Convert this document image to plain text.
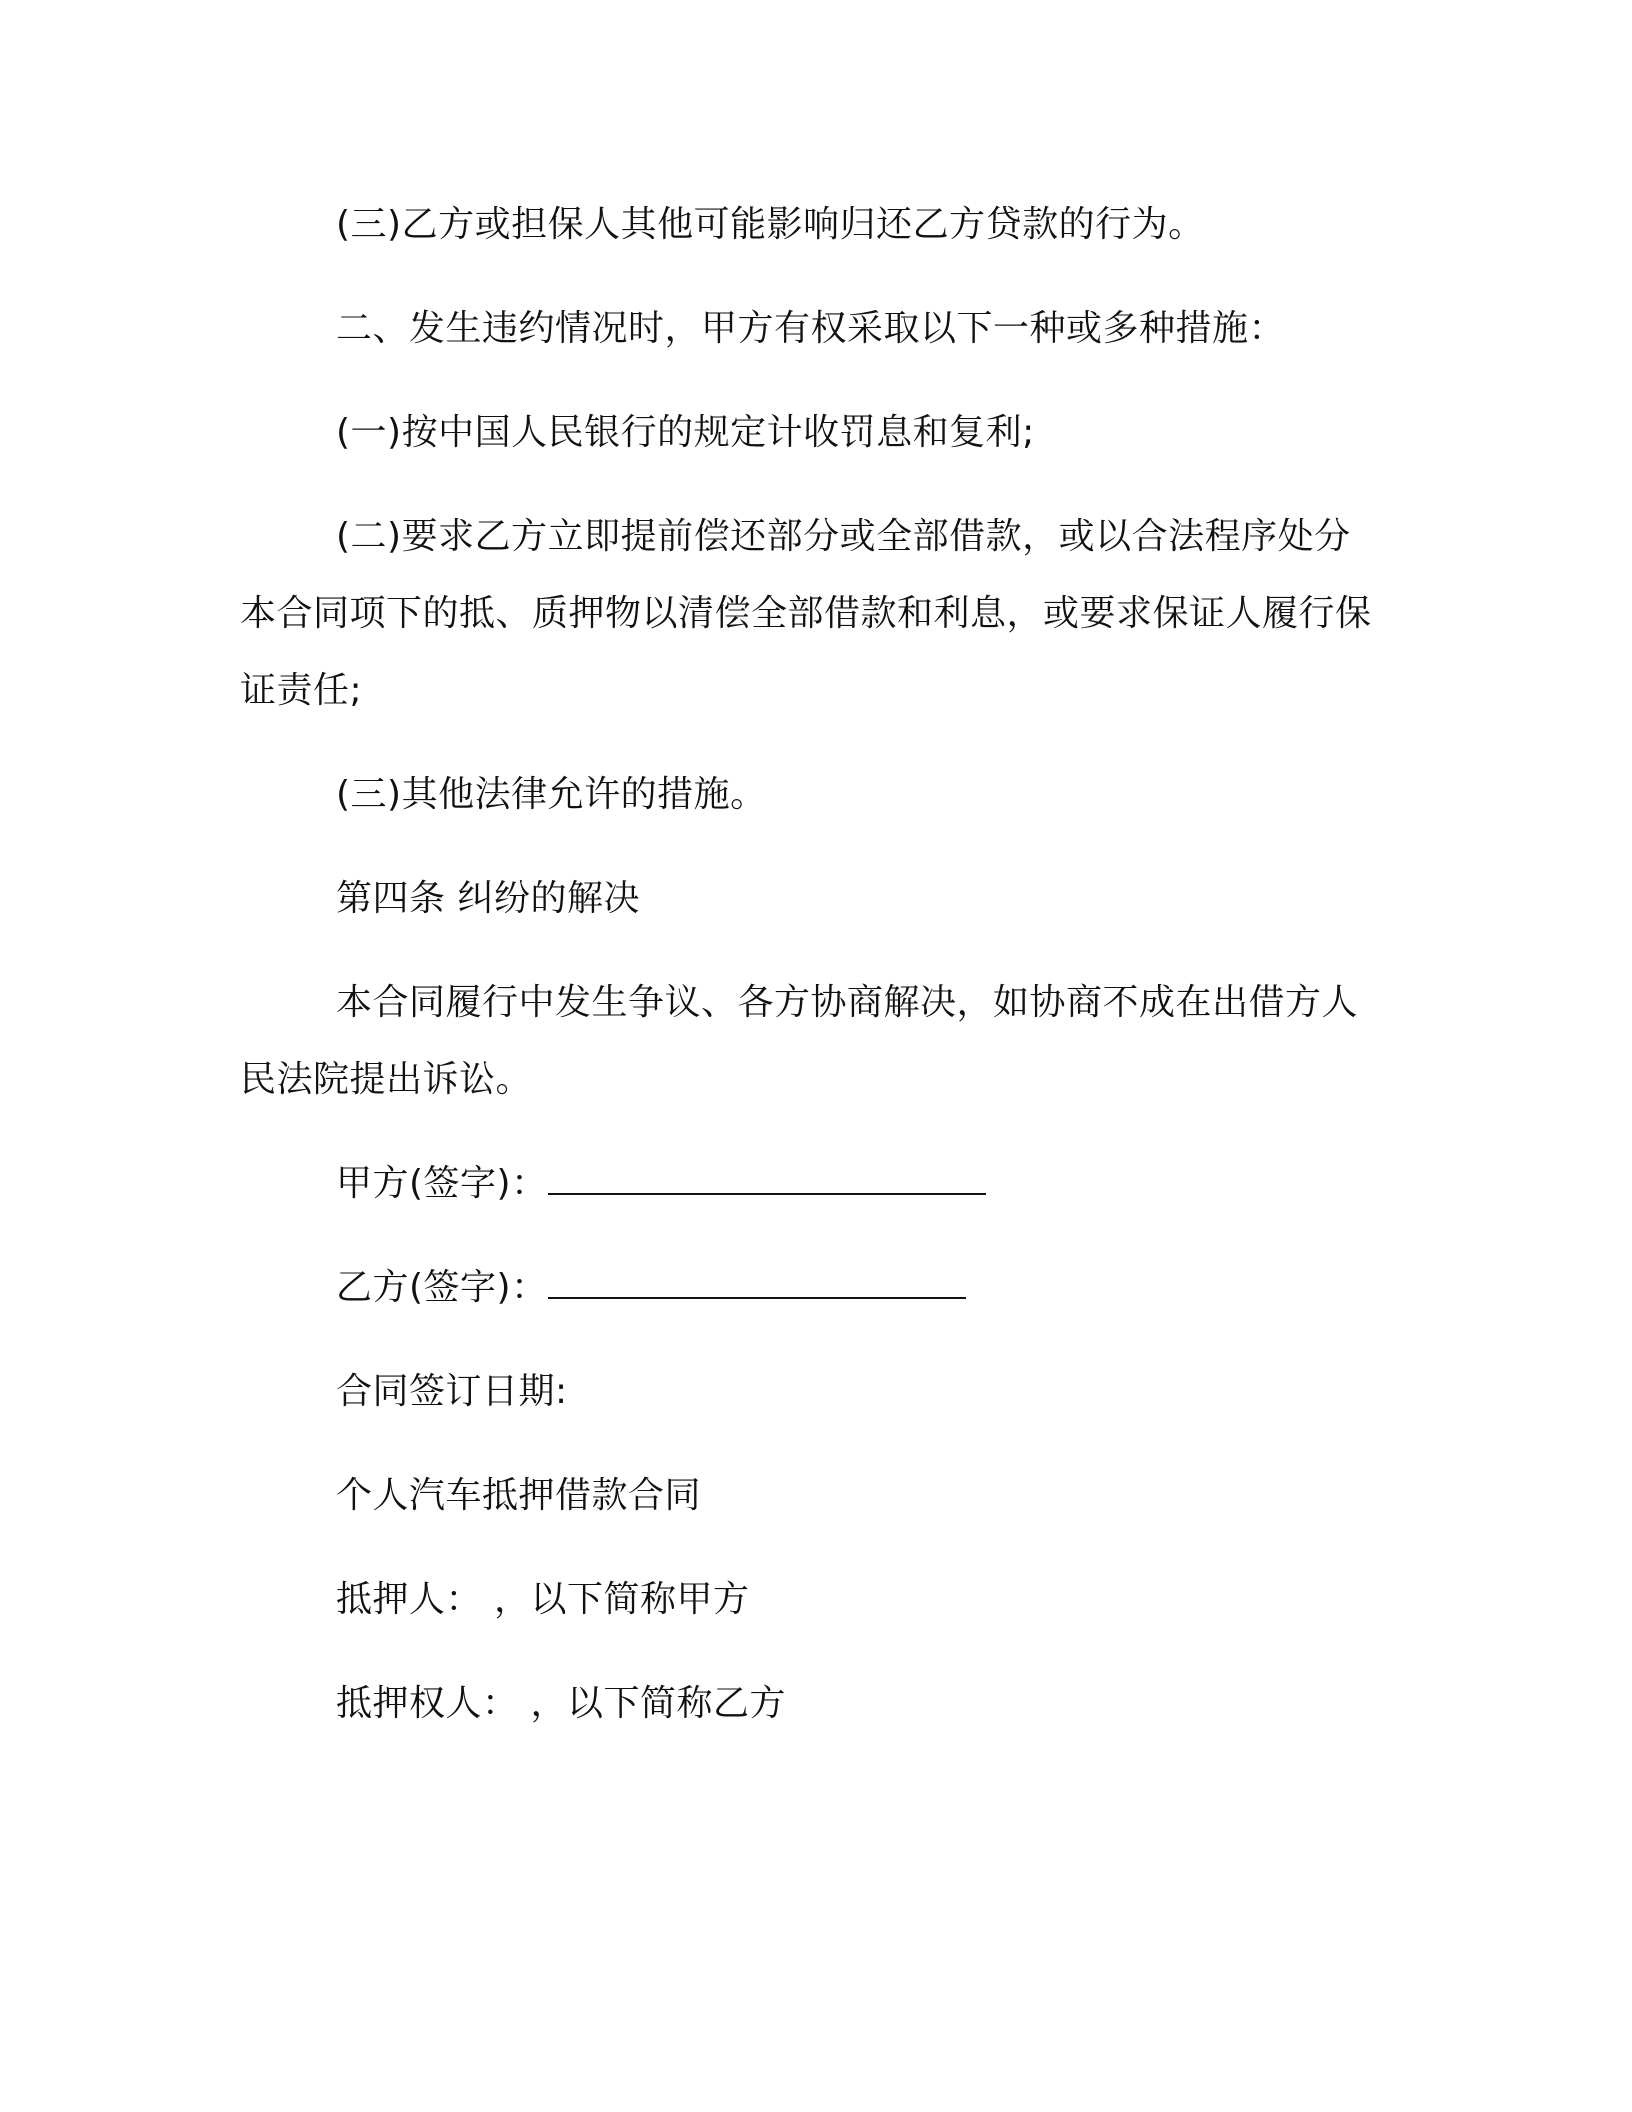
(三)乙方或担保人其他可能影响归还乙方贷款的行为。

二、发生违约情况时，甲方有权采取以下一种或多种措施：

(一)按中国人民银行的规定计收罚息和复利;

(二)要求乙方立即提前偿还部分或全部借款，或以合法程序处分本合同项下的抵、质押物以清偿全部借款和利息，或要求保证人履行保证责任;

(三)其他法律允许的措施。

第四条 纠纷的解决

本合同履行中发生争议、各方协商解决，如协商不成在出借方人民法院提出诉讼。

甲方(签字)：

乙方(签字)：

合同签订日期:

个人汽车抵押借款合同

抵押人： ，以下简称甲方

抵押权人： ，以下简称乙方
